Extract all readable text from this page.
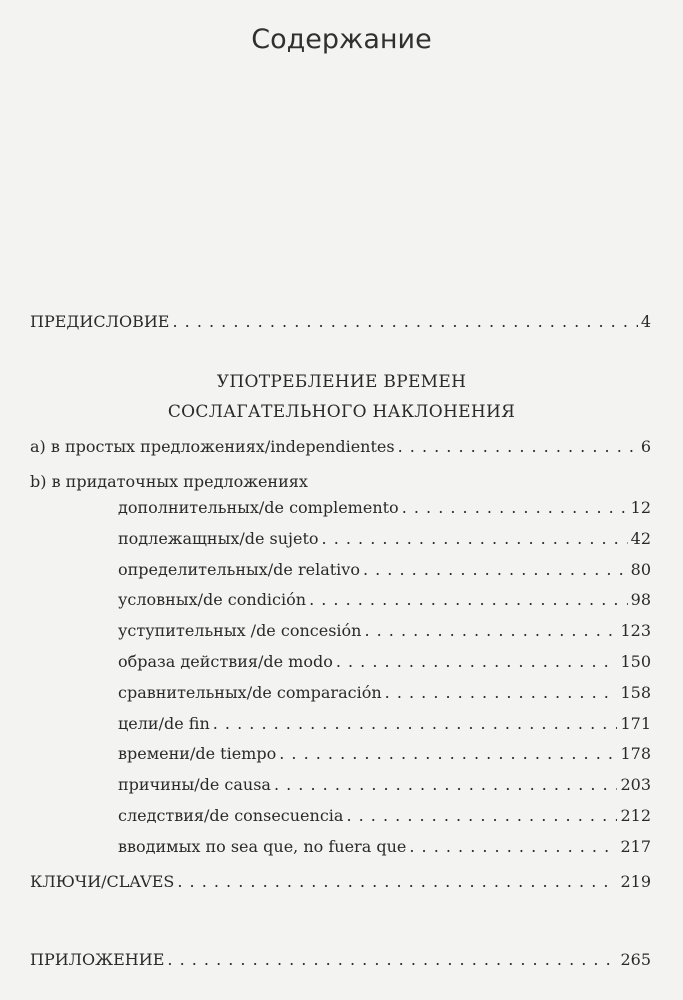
Содержание
ПРЕДИСЛОВИЕ . . .	4
УПОТРЕБЛЕНИЕ ВРЕМЕН
СОСЛАГАТЕЛЬНОГО НАКЛОНЕНИЯ
а) в простых предложениях/independientes . . .	6
b) в придаточных предложениях
дополнительных/de complemento . . .	12
подлежащных/de sujeto . . .	42
определительных/de relativo . . .	80
условных/de condición . . .	98
уступительных /de concesión . . .	123
образа действия/de modo . . .	150
сравнительных/de comparación . . .	158
цели/de fin . . .	171
времени/de tiempo . . .	178
причины/de causa . . .	203
следствия/de consecuencia . . .	212
вводимых по sea que, no fuera que . . .	217
КЛЮЧИ/CLAVES . . .	219
ПРИЛОЖЕНИЕ . . .	265
